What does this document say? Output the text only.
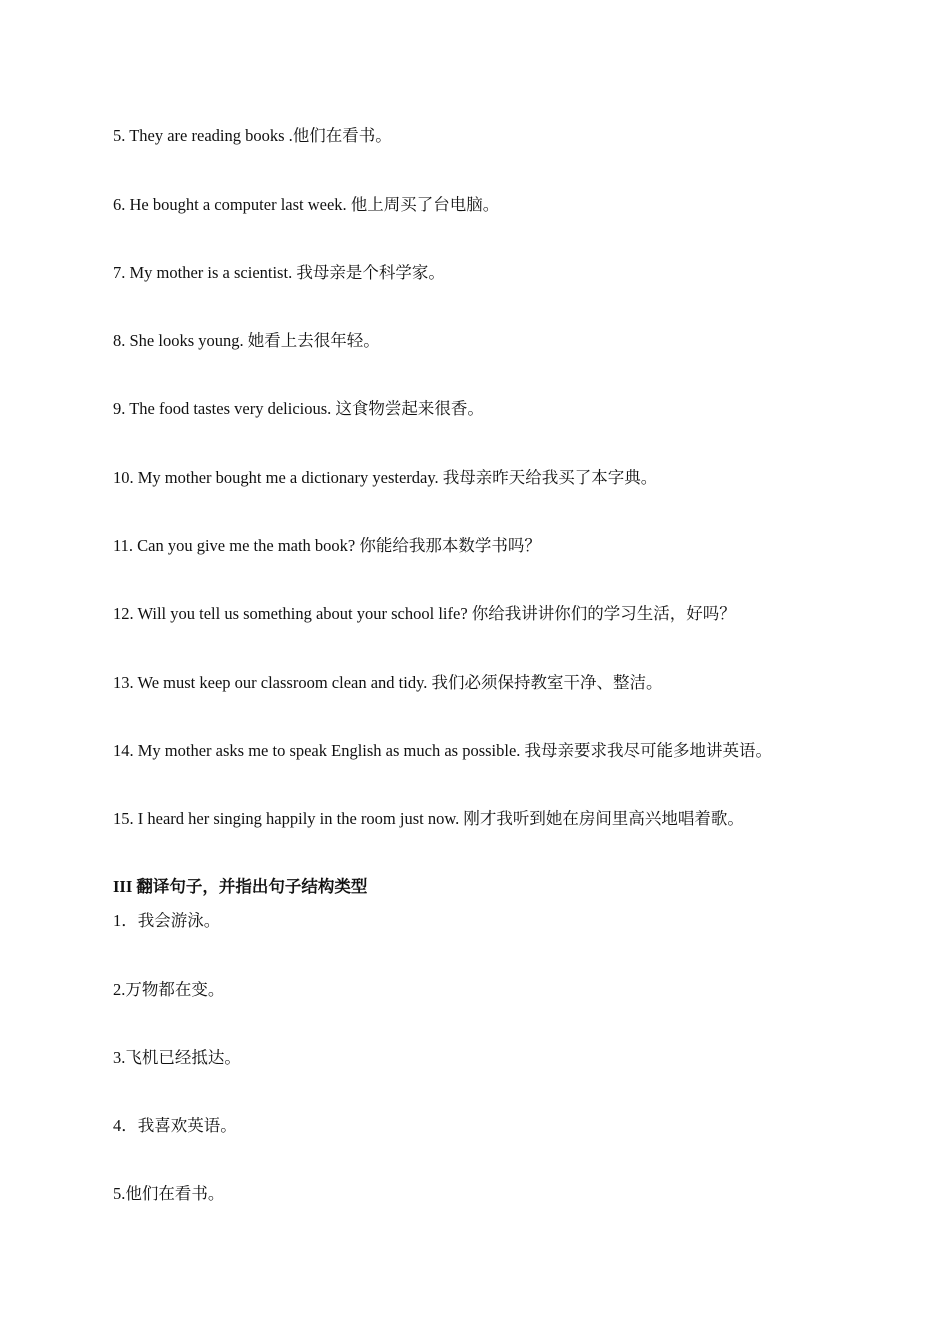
5. They are reading books .他们在看书。
6. He bought a computer last week. 他上周买了台电脑。
7. My mother is a scientist. 我母亲是个科学家。
8. She looks young. 她看上去很年轻。
9. The food tastes very delicious. 这食物尝起来很香。
10. My mother bought me a dictionary yesterday. 我母亲昨天给我买了本字典。
11. Can you give me the math book? 你能给我那本数学书吗？
12. Will you tell us something about your school life? 你给我讲讲你们的学习生活，好吗？
13. We must keep our classroom clean and tidy. 我们必须保持教室干净、整洁。
14. My mother asks me to speak English as much as possible. 我母亲要求我尽可能多地讲英语。
15. I heard her singing happily in the room just now. 刚才我听到她在房间里高兴地唱着歌。
III 翻译句子，并指出句子结构类型
1．我会游泳。
2.万物都在变。
3.飞机已经抵达。
4．我喜欢英语。
5.他们在看书。
